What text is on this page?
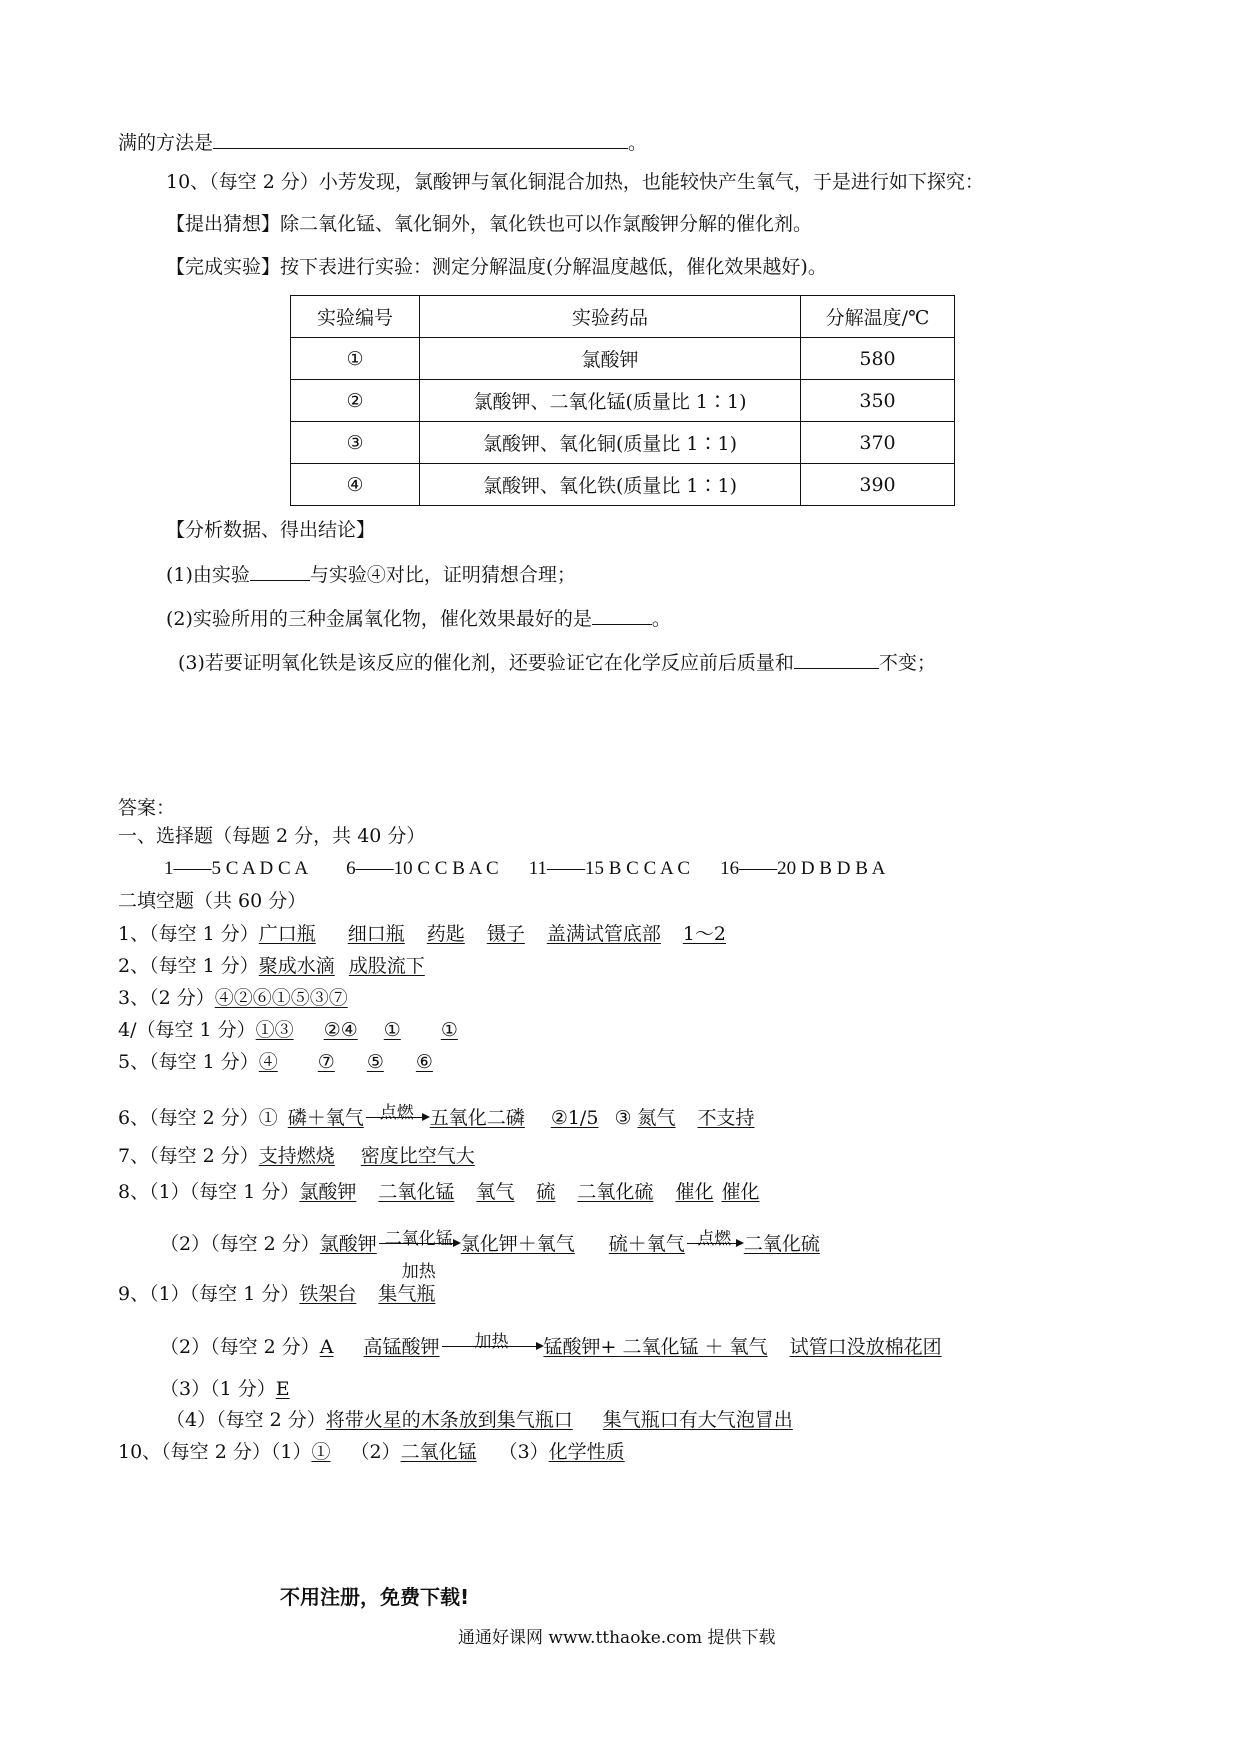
满的方法是	。
10、（每空 2 分）小芳发现，氯酸钾与氧化铜混合加热，也能较快产生氧气，于是进行如下探究：
【提出猜想】除二氧化锰、氧化铜外，氧化铁也可以作氯酸钾分解的催化剂。
【完成实验】按下表进行实验：测定分解温度(分解温度越低，催化效果越好)。
实验编号	实验药品	分解温度/℃
①	氯酸钾	580
②	氯酸钾、二氧化锰(质量比 1∶1)	350
③	氯酸钾、氧化铜(质量比 1∶1)	370
④	氯酸钾、氧化铁(质量比 1∶1)	390
【分析数据、得出结论】
(1)由实验	与实验④对比，证明猜想合理；
(2)实验所用的三种金属氧化物，催化效果最好的是	。
(3)若要证明氧化铁是该反应的催化剂，还要验证它在化学反应前后质量和	不变；
答案：
一、选择题（每题 2 分，共 40 分）
1——5 C A D C A 6——10 C C B A C 11——15 B C C A C 16——20 D B D B A
二填空题（共 60 分）
1、（每空 1 分）广口瓶 细口瓶 药匙 镊子 盖满试管底部 1～2
2、（每空 1 分）聚成水滴 成股流下
3、（2 分）④②⑥①⑤③⑦
4/（每空 1 分）①③ ②④ ① ①
5、（每空 1 分）④ ⑦ ⑤ ⑥
6、（每空 2 分）① 磷＋氧气 点燃 五氧化二磷 ②1/5 ③ 氮气 不支持
7、（每空 2 分）支持燃烧 密度比空气大
8、（1）（每空 1 分）氯酸钾 二氧化锰 氧气 硫 二氧化硫 催化 催化
（2）（每空 2 分）氯酸钾 二氧化锰
加热
氯化钾＋氧气 硫＋氧气 点燃 二氧化硫
9、（1）（每空 1 分）铁架台 集气瓶
（2）（每空 2 分）A 高锰酸钾	加热	锰酸钾+ 二氧化锰 ＋ 氧气 试管口没放棉花团
（3）（1 分）E
（4）（每空 2 分）将带火星的木条放到集气瓶口 集气瓶口有大气泡冒出
10、（每空 2 分）（1）① （2）二氧化锰 （3）化学性质
不用注册，免费下载!
通通好课网 www.tthaoke.com 提供下载
